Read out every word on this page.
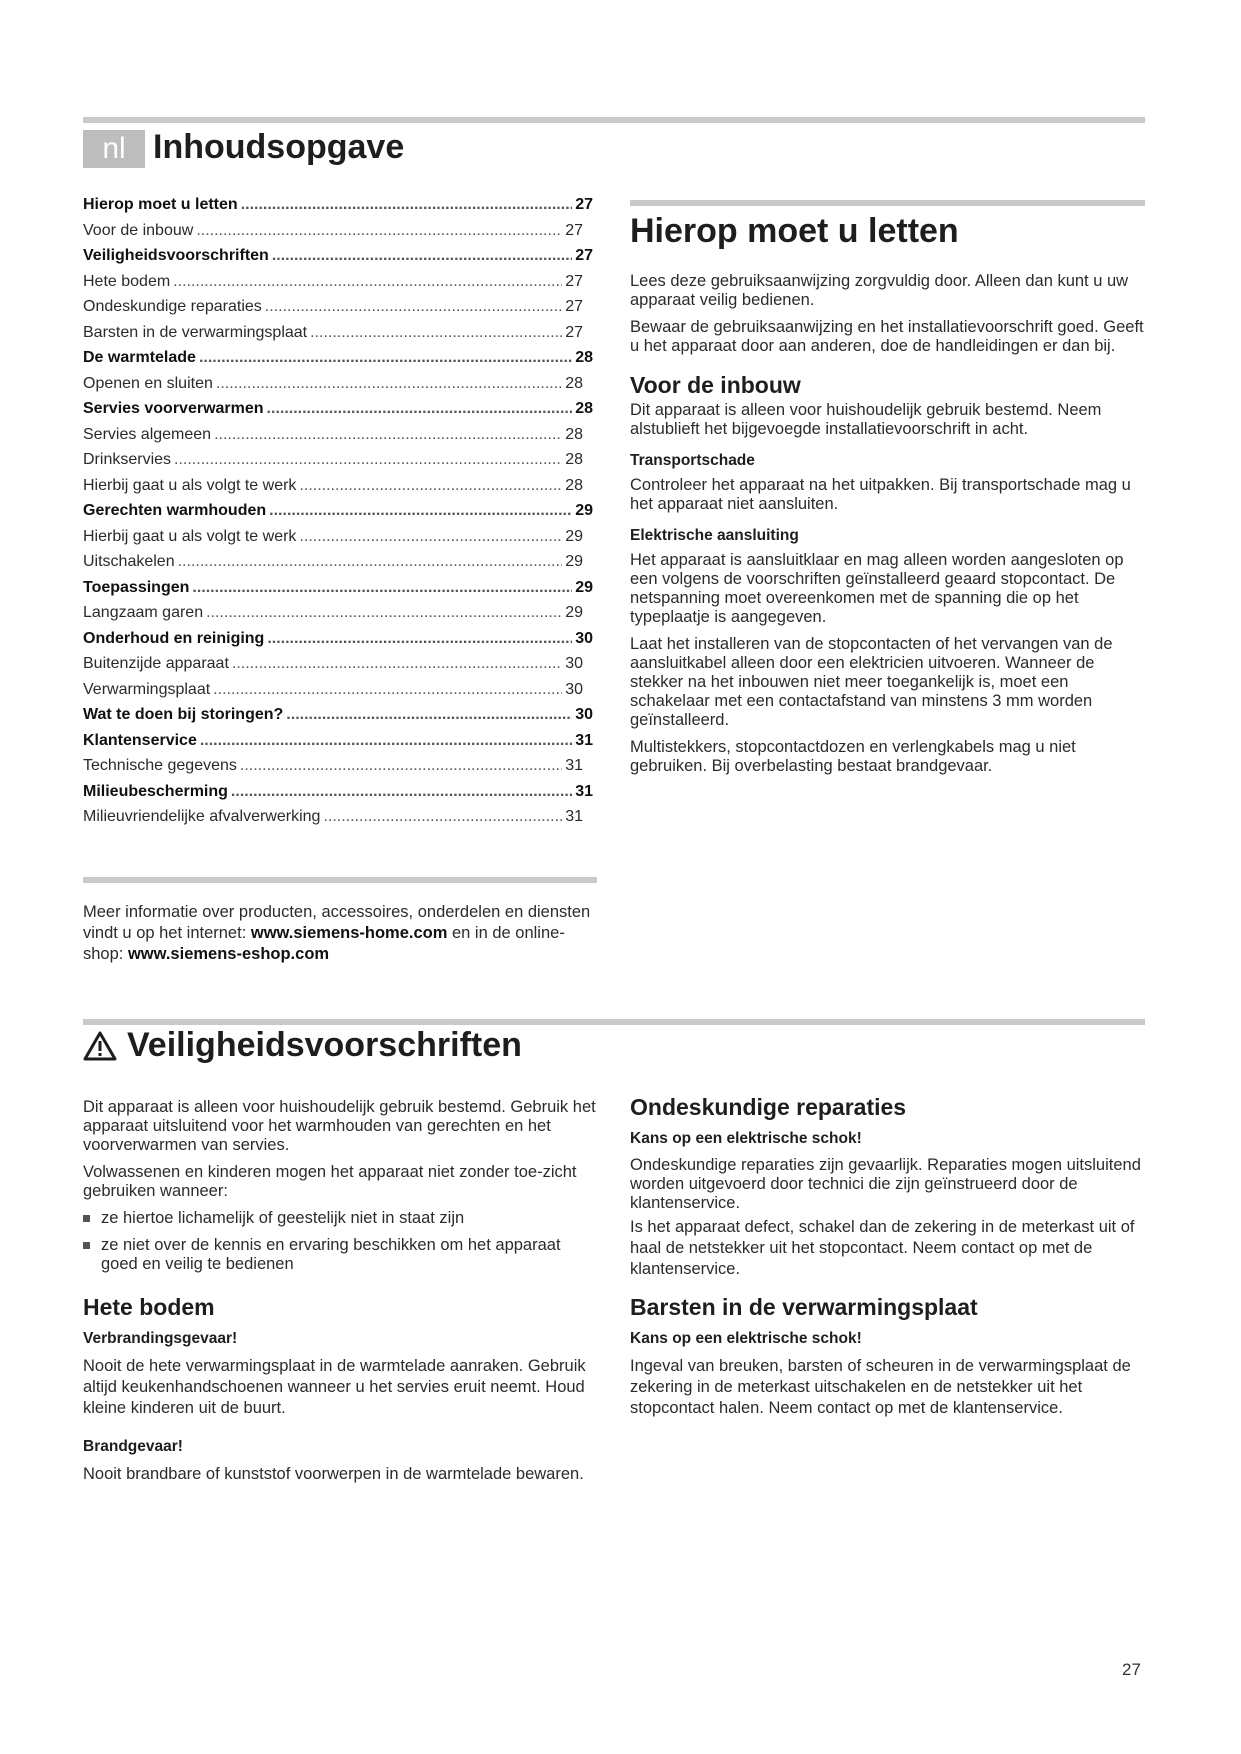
nl Inhoudsopgave
Hierop moet u letten .....	27
Voor de inbouw .....	27
Veiligheidsvoorschriften .....	27
Hete bodem .....	27
Ondeskundige reparaties .....	27
Barsten in de verwarmingsplaat .....	27
De warmtelade .....	28
Openen en sluiten .....	28
Servies voorverwarmen .....	28
Servies algemeen .....	28
Drinkservies .....	28
Hierbij gaat u als volgt te werk .....	28
Gerechten warmhouden .....	29
Hierbij gaat u als volgt te werk .....	29
Uitschakelen .....	29
Toepassingen .....	29
Langzaam garen .....	29
Onderhoud en reiniging .....	30
Buitenzijde apparaat .....	30
Verwarmingsplaat .....	30
Wat te doen bij storingen? .....	30
Klantenservice .....	31
Technische gegevens .....	31
Milieubescherming .....	31
Milieuvriendelijke afvalverwerking .....	31
Meer informatie over producten, accessoires, onderdelen en diensten vindt u op het internet: www.siemens-home.com en in de online-shop: www.siemens-eshop.com
Hierop moet u letten

Lees deze gebruiksaanwijzing zorgvuldig door. Alleen dan kunt u uw apparaat veilig bedienen.

Bewaar de gebruiksaanwijzing en het installatievoorschrift goed. Geeft u het apparaat door aan anderen, doe de handleidingen er dan bij.

Voor de inbouw

Dit apparaat is alleen voor huishoudelijk gebruik bestemd. Neem alstublieft het bijgevoegde installatievoorschrift in acht.

Transportschade

Controleer het apparaat na het uitpakken. Bij transportschade mag u het apparaat niet aansluiten.

Elektrische aansluiting

Het apparaat is aansluitklaar en mag alleen worden aangesloten op een volgens de voorschriften geïnstalleerd geaard stopcontact. De netspanning moet overeenkomen met de spanning die op het typeplaatje is aangegeven.

Laat het installeren van de stopcontacten of het vervangen van de aansluitkabel alleen door een elektricien uitvoeren. Wanneer de stekker na het inbouwen niet meer toegankelijk is, moet een schakelaar met een contactafstand van minstens 3 mm worden geïnstalleerd.

Multistekkers, stopcontactdozen en verlengkabels mag u niet gebruiken. Bij overbelasting bestaat brandgevaar.

Veiligheidsvoorschriften

Dit apparaat is alleen voor huishoudelijk gebruik bestemd. Gebruik het apparaat uitsluitend voor het warmhouden van gerechten en het voorverwarmen van servies.

Volwassenen en kinderen mogen het apparaat niet zonder toe-zicht gebruiken wanneer:

ze hiertoe lichamelijk of geestelijk niet in staat zijn
ze niet over de kennis en ervaring beschikken om het apparaat goed en veilig te bedienen
Hete bodem
Verbrandingsgevaar!

Nooit de hete verwarmingsplaat in de warmtelade aanraken. Gebruik altijd keukenhandschoenen wanneer u het servies eruit neemt. Houd kleine kinderen uit de buurt.

Brandgevaar!

Nooit brandbare of kunststof voorwerpen in de warmtelade bewaren.

Ondeskundige reparaties
Kans op een elektrische schok!

Ondeskundige reparaties zijn gevaarlijk. Reparaties mogen uitsluitend worden uitgevoerd door technici die zijn geïnstrueerd door de klantenservice.

Is het apparaat defect, schakel dan de zekering in de meterkast uit of haal de netstekker uit het stopcontact. Neem contact op met de klantenservice.

Barsten in de verwarmingsplaat
Kans op een elektrische schok!

Ingeval van breuken, barsten of scheuren in de verwarmingsplaat de zekering in de meterkast uitschakelen en de netstekker uit het stopcontact halen. Neem contact op met de klantenservice.

27
